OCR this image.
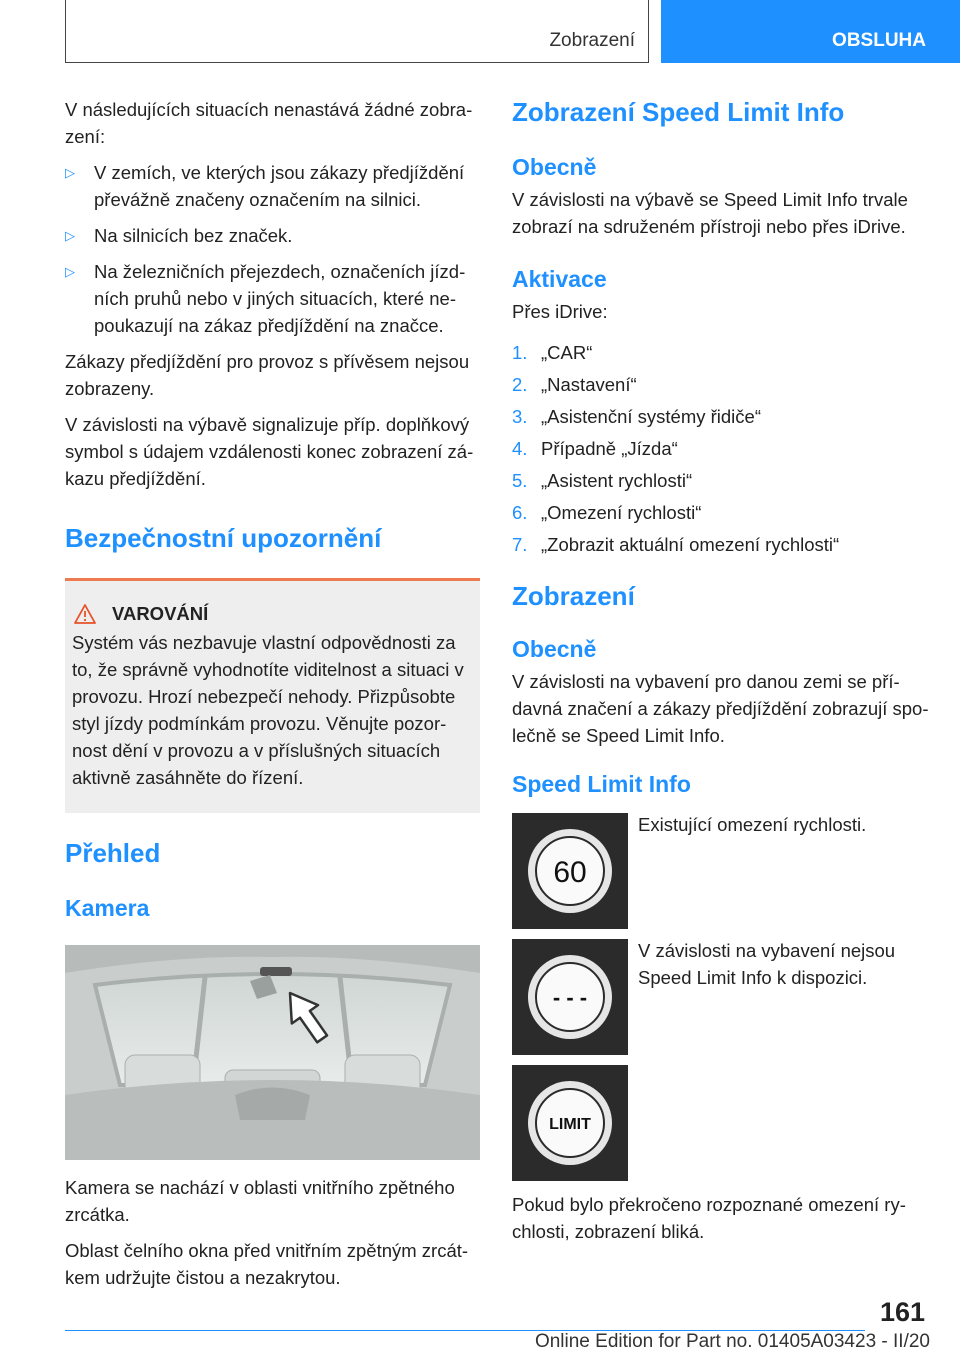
Zobrazení	OBSLUHA

V následujících situacích nenastává žádné zobrazení:

▷ V zemích, ve kterých jsou zákazy předjíždění převážně značeny označením na silnici.
▷ Na silnicích bez značek.
▷ Na železničních přejezdech, označeních jízdních pruhů nebo v jiných situacích, které nepoukazují na zákaz předjíždění na značce.

Zákazy předjíždění pro provoz s přívěsem nejsou zobrazeny.

V závislosti na výbavě signalizuje příp. doplňkový symbol s údajem vzdálenosti konec zobrazení zákazu předjíždění.

Bezpečnostní upozornění
VAROVÁNÍ

Systém vás nezbavuje vlastní odpovědnosti za to, že správně vyhodnotíte viditelnost a situaci v provozu. Hrozí nebezpečí nehody. Přizpůsobte styl jízdy podmínkám provozu. Věnujte pozornost dění v provozu a v příslušných situacích aktivně zasáhněte do řízení.

Přehled
Kamera

Kamera se nachází v oblasti vnitřního zpětného zrcátka.

Oblast čelního okna před vnitřním zpětným zrcátkem udržujte čistou a nezakrytou.

Zobrazení Speed Limit Info
Obecně

V závislosti na výbavě se Speed Limit Info trvale zobrazí na sdruženém přístroji nebo přes iDrive.

Aktivace

Přes iDrive:

1. „CAR“
2. „Nastavení“
3. „Asistenční systémy řidiče“
4. Případně „Jízda“
5. „Asistent rychlosti“
6. „Omezení rychlosti“
7. „Zobrazit aktuální omezení rychlosti“
Zobrazení
Obecně

V závislosti na vybavení pro danou zemi se přídavná značení a zákazy předjíždění zobrazují společně se Speed Limit Info.

Speed Limit Info
60
Existující omezení rychlosti.
- - -
V závislosti na vybavení nejsou Speed Limit Info k dispozici.
LIMIT

Pokud bylo překročeno rozpoznané omezení rychlosti, zobrazení bliká.

161
Online Edition for Part no. 01405A03423 - II/20
